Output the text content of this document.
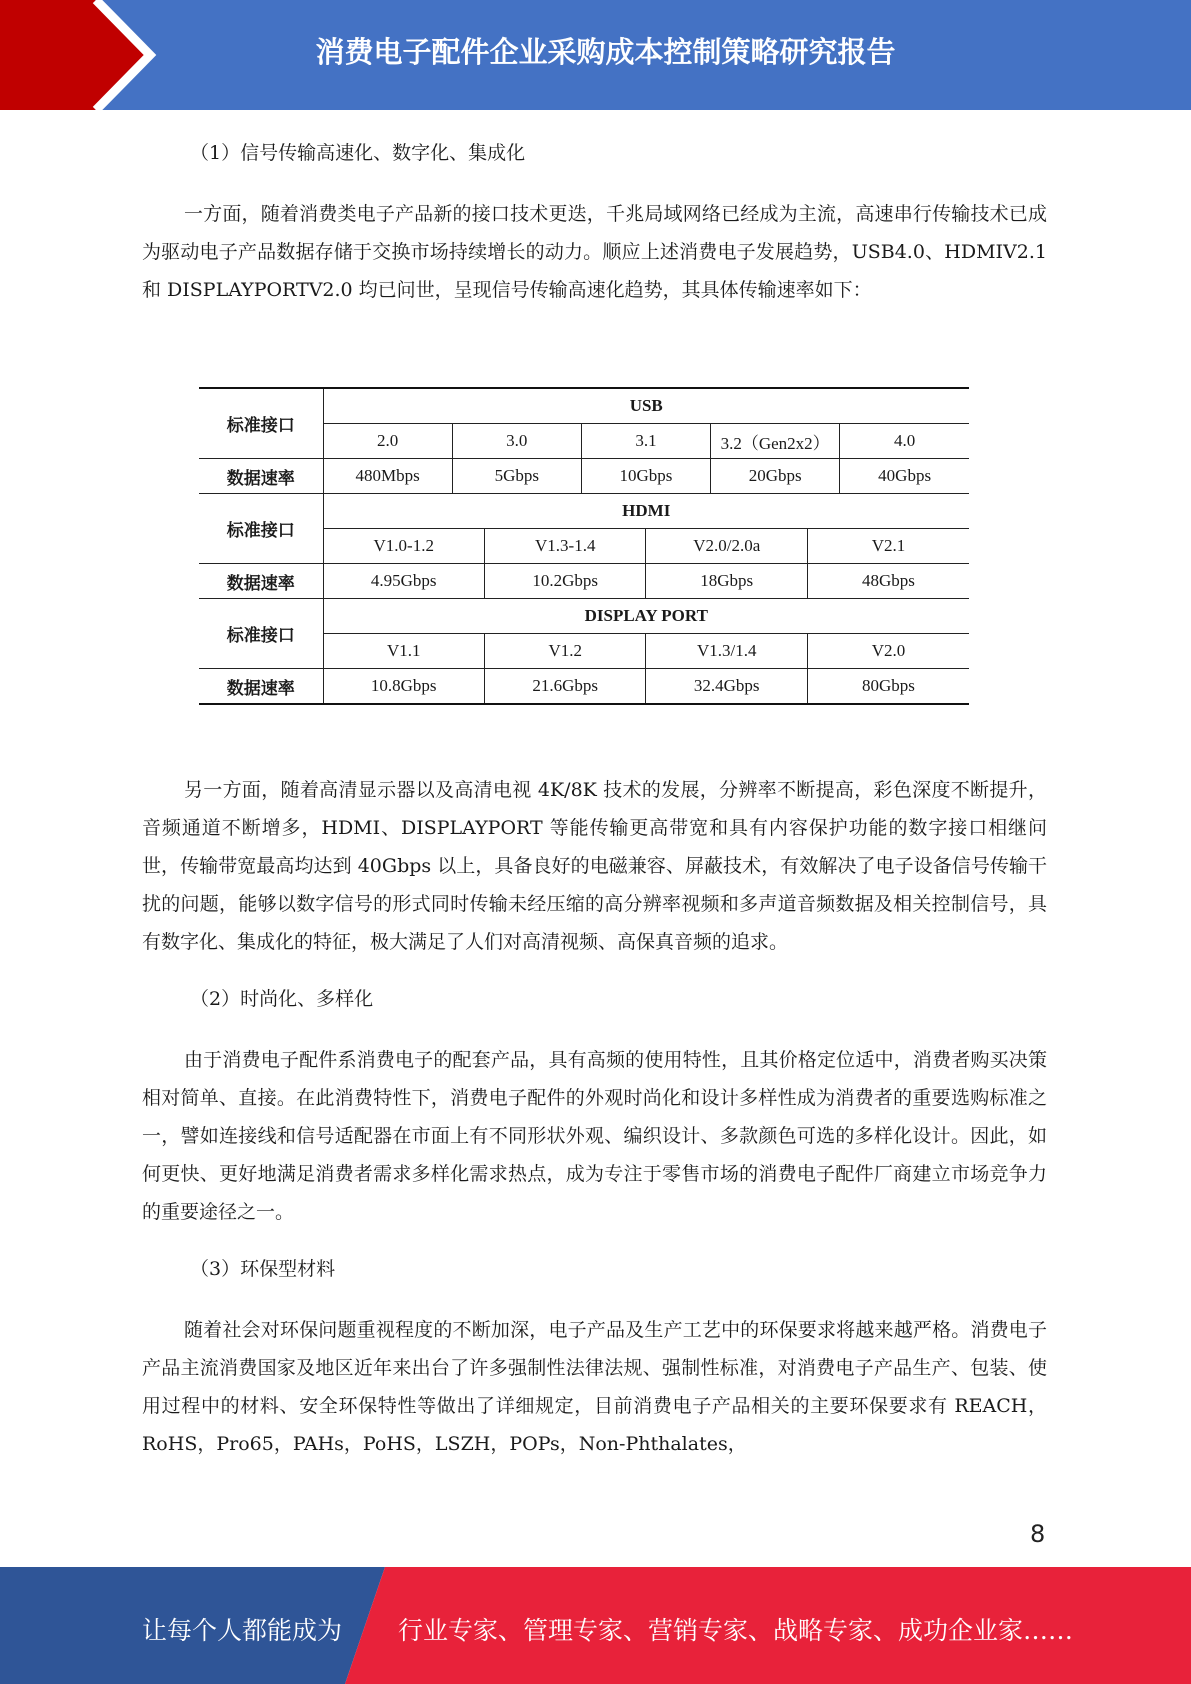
消费电子配件企业采购成本控制策略研究报告

（1）信号传输高速化、数字化、集成化

一方面，随着消费类电子产品新的接口技术更迭，千兆局域网络已经成为主流，高速串行传输技术已成为驱动电子产品数据存储于交换市场持续增长的动力。顺应上述消费电子发展趋势，USB4.0、HDMIV2.1 和 DISPLAYPORTV2.0 均已问世，呈现信号传输高速化趋势，其具体传输速率如下：

标准接口	USB							
	2.0	3.0		3.1		3.2（Gen2x2）		4.0
数据速率	480Mbps	5Gbps		10Gbps		20Gbps		40Gbps
标准接口	HDMI							
	V1.0-1.2		V1.3-1.4		V2.0/2.0a		V2.1	
数据速率	4.95Gbps		10.2Gbps		18Gbps		48Gbps	
标准接口	DISPLAY PORT							
	V1.1		V1.2		V1.3/1.4		V2.0	
数据速率	10.8Gbps		21.6Gbps		32.4Gbps		80Gbps	

另一方面，随着高清显示器以及高清电视 4K/8K 技术的发展，分辨率不断提高，彩色深度不断提升，音频通道不断增多，HDMI、DISPLAYPORT 等能传输更高带宽和具有内容保护功能的数字接口相继问世，传输带宽最高均达到 40Gbps 以上，具备良好的电磁兼容、屏蔽技术，有效解决了电子设备信号传输干扰的问题，能够以数字信号的形式同时传输未经压缩的高分辨率视频和多声道音频数据及相关控制信号，具有数字化、集成化的特征，极大满足了人们对高清视频、高保真音频的追求。

（2）时尚化、多样化

由于消费电子配件系消费电子的配套产品，具有高频的使用特性，且其价格定位适中，消费者购买决策相对简单、直接。在此消费特性下，消费电子配件的外观时尚化和设计多样性成为消费者的重要选购标准之一，譬如连接线和信号适配器在市面上有不同形状外观、编织设计、多款颜色可选的多样化设计。因此，如何更快、更好地满足消费者需求多样化需求热点，成为专注于零售市场的消费电子配件厂商建立市场竞争力的重要途径之一。

（3）环保型材料

随着社会对环保问题重视程度的不断加深，电子产品及生产工艺中的环保要求将越来越严格。消费电子产品主流消费国家及地区近年来出台了许多强制性法律法规、强制性标准，对消费电子产品生产、包装、使用过程中的材料、安全环保特性等做出了详细规定，目前消费电子产品相关的主要环保要求有 REACH，RoHS，Pro65，PAHs，PoHS，LSZH，POPs，Non-Phthalates，

8
让每个人都能成为 行业专家、管理专家、营销专家、战略专家、成功企业家……
